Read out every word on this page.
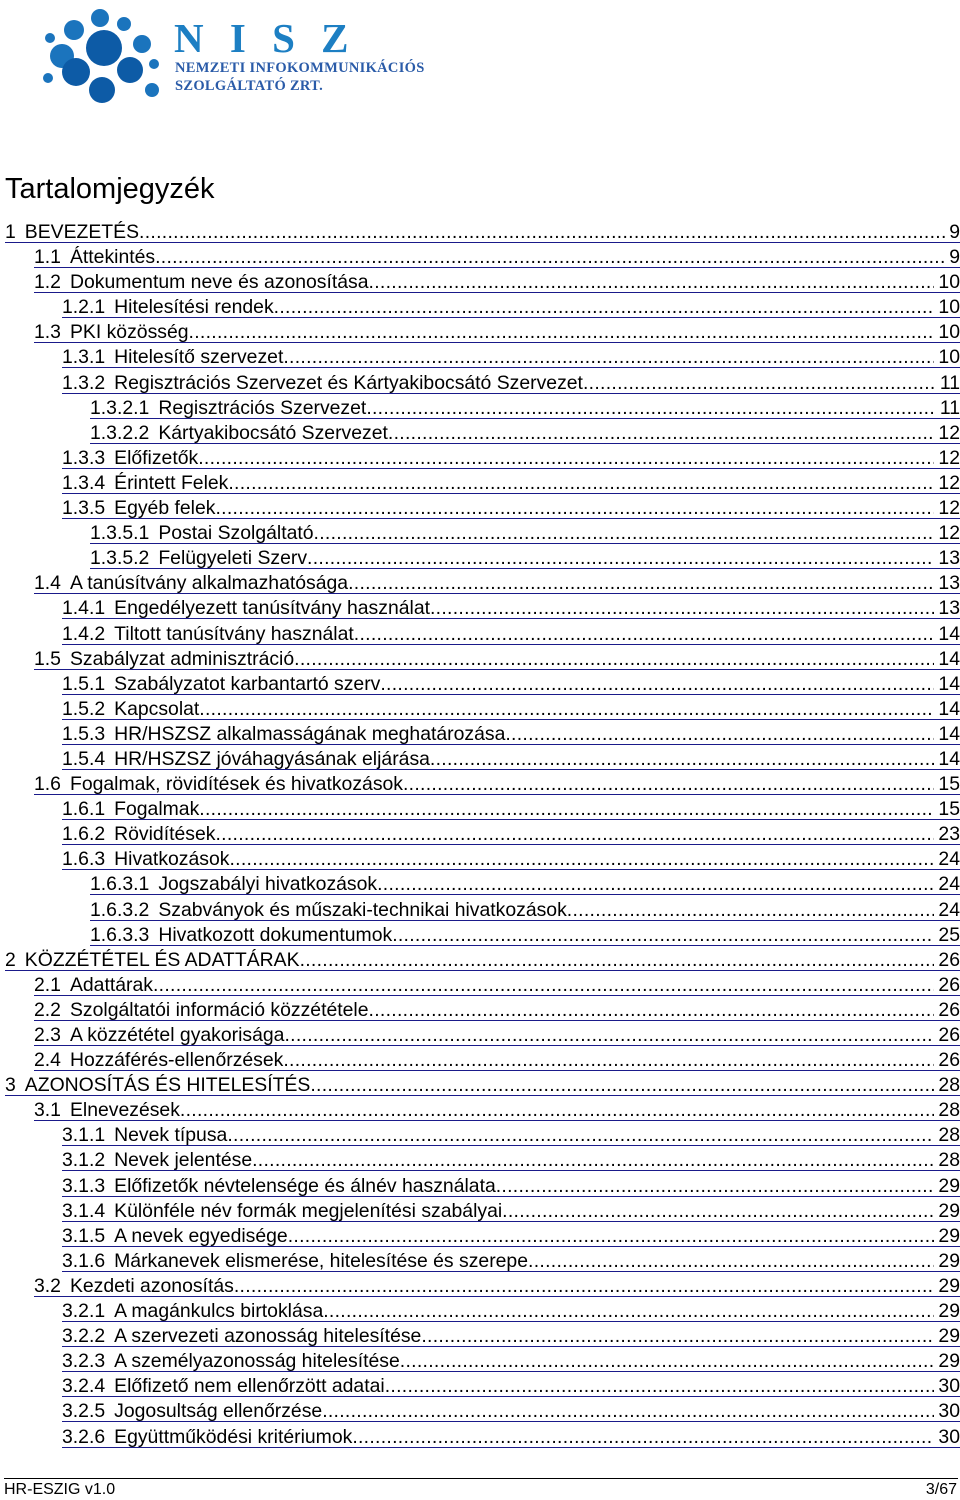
N I S Z
NEMZETI INFOKOMMUNIKÁCIÓS
SZOLGÁLTATÓ ZRT.
Tartalomjegyzék
1 BEVEZETÉS .....	9
1.1 Áttekintés .....	9
1.2 Dokumentum neve és azonosítása .....	10
1.2.1 Hitelesítési rendek .....	10
1.3 PKI közösség .....	10
1.3.1 Hitelesítő szervezet .....	10
1.3.2 Regisztrációs Szervezet és Kártyakibocsátó Szervezet .....	11
1.3.2.1 Regisztrációs Szervezet .....	11
1.3.2.2 Kártyakibocsátó Szervezet .....	12
1.3.3 Előfizetők .....	12
1.3.4 Érintett Felek .....	12
1.3.5 Egyéb felek .....	12
1.3.5.1 Postai Szolgáltató .....	12
1.3.5.2 Felügyeleti Szerv .....	13
1.4 A tanúsítvány alkalmazhatósága .....	13
1.4.1 Engedélyezett tanúsítvány használat .....	13
1.4.2 Tiltott tanúsítvány használat .....	14
1.5 Szabályzat adminisztráció .....	14
1.5.1 Szabályzatot karbantartó szerv .....	14
1.5.2 Kapcsolat .....	14
1.5.3 HR/HSZSZ alkalmasságának meghatározása .....	14
1.5.4 HR/HSZSZ jóváhagyásának eljárása .....	14
1.6 Fogalmak, rövidítések és hivatkozások .....	15
1.6.1 Fogalmak .....	15
1.6.2 Rövidítések .....	23
1.6.3 Hivatkozások .....	24
1.6.3.1 Jogszabályi hivatkozások .....	24
1.6.3.2 Szabványok és műszaki-technikai hivatkozások .....	24
1.6.3.3 Hivatkozott dokumentumok .....	25
2 KÖZZÉTÉTEL ÉS ADATTÁRAK .....	26
2.1 Adattárak .....	26
2.2 Szolgáltatói információ közzététele .....	26
2.3 A közzététel gyakorisága .....	26
2.4 Hozzáférés-ellenőrzések .....	26
3 AZONOSÍTÁS ÉS HITELESÍTÉS .....	28
3.1 Elnevezések .....	28
3.1.1 Nevek típusa .....	28
3.1.2 Nevek jelentése .....	28
3.1.3 Előfizetők névtelensége és álnév használata .....	29
3.1.4 Különféle név formák megjelenítési szabályai .....	29
3.1.5 A nevek egyedisége .....	29
3.1.6 Márkanevek elismerése, hitelesítése és szerepe .....	29
3.2 Kezdeti azonosítás .....	29
3.2.1 A magánkulcs birtoklása .....	29
3.2.2 A szervezeti azonosság hitelesítése .....	29
3.2.3 A személyazonosság hitelesítése .....	29
3.2.4 Előfizető nem ellenőrzött adatai .....	30
3.2.5 Jogosultság ellenőrzése .....	30
3.2.6 Együttműködési kritériumok .....	30
HR-ESZIG v1.0	3/67
